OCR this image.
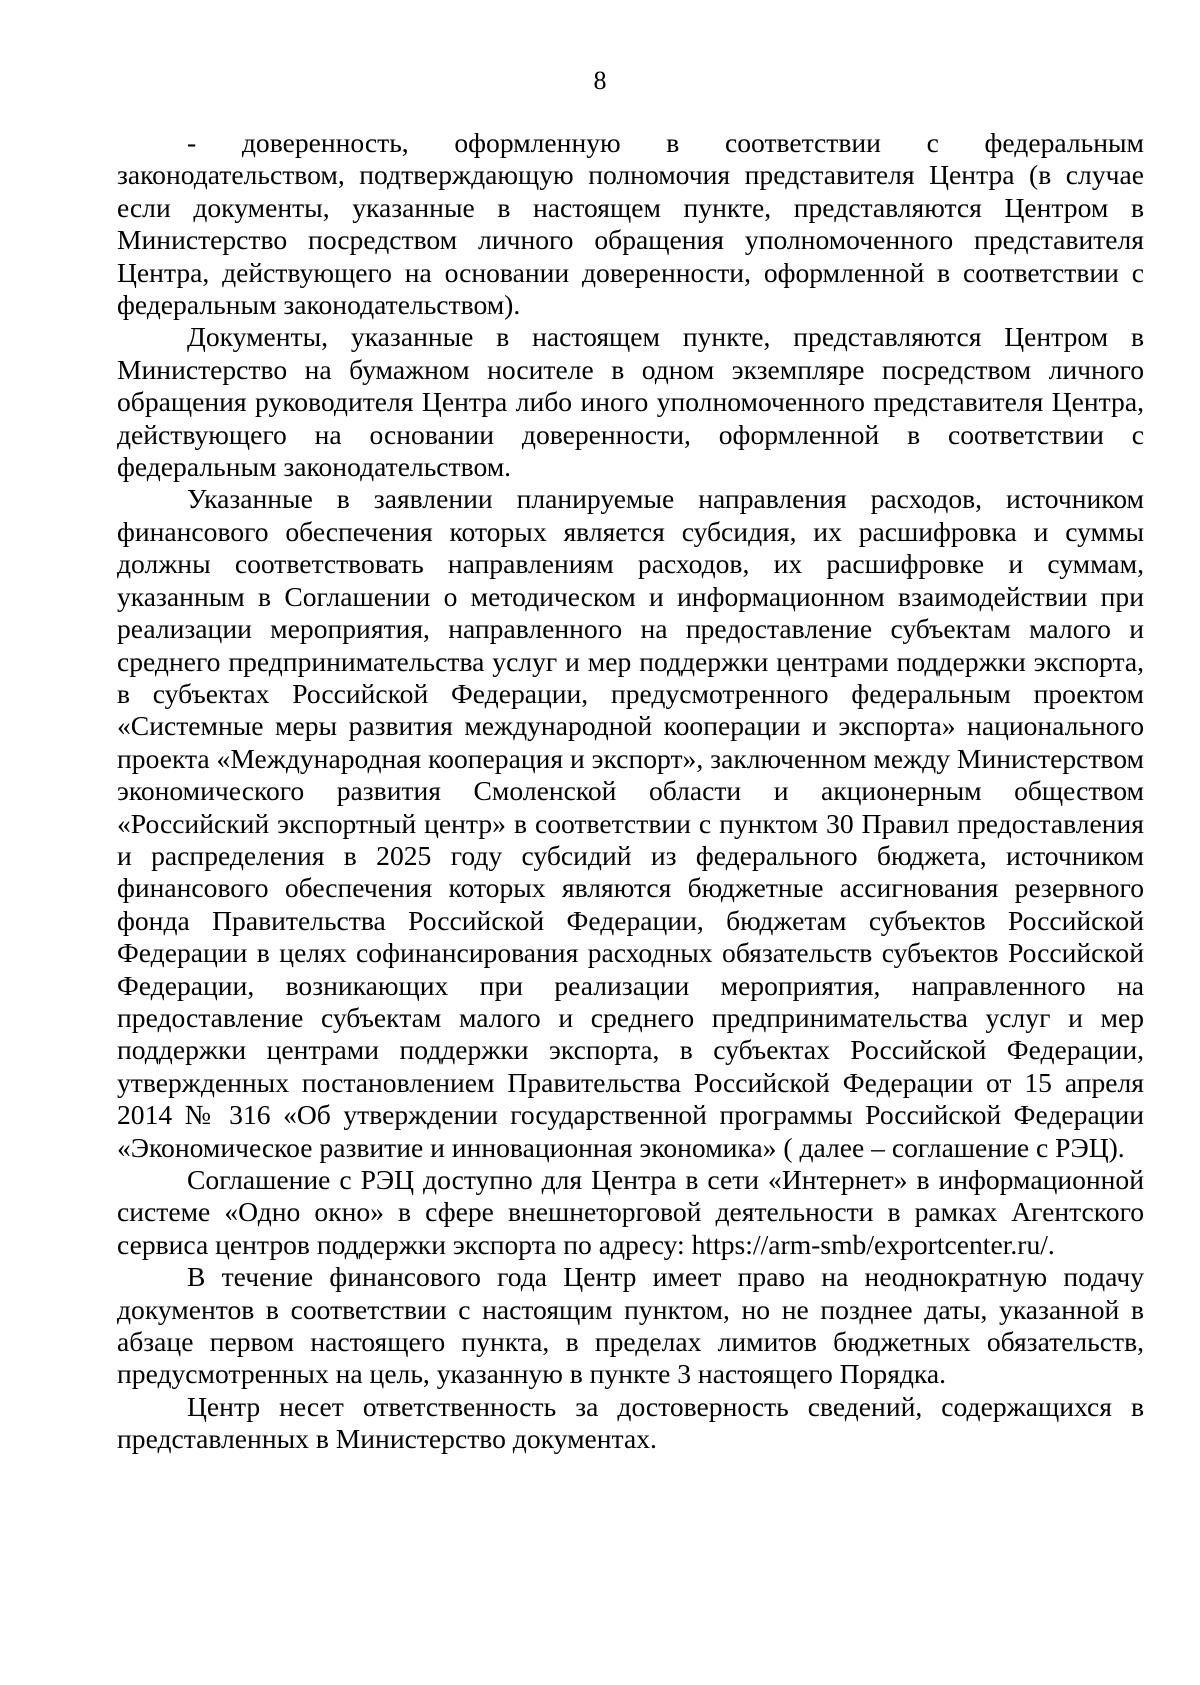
8

- доверенность, оформленную в соответствии с федеральным законодательством, подтверждающую полномочия представителя Центра (в случае если документы, указанные в настоящем пункте, представляются Центром в Министерство посредством личного обращения уполномоченного представителя Центра, действующего на основании доверенности, оформленной в соответствии с федеральным законодательством).

Документы, указанные в настоящем пункте, представляются Центром в Министерство на бумажном носителе в одном экземпляре посредством личного обращения руководителя Центра либо иного уполномоченного представителя Центра, действующего на основании доверенности, оформленной в соответствии с федеральным законодательством.

Указанные в заявлении планируемые направления расходов, источником финансового обеспечения которых является субсидия, их расшифровка и суммы должны соответствовать направлениям расходов, их расшифровке и суммам, указанным в Соглашении о методическом и информационном взаимодействии при реализации мероприятия, направленного на предоставление субъектам малого и среднего предпринимательства услуг и мер поддержки центрами поддержки экспорта, в субъектах Российской Федерации, предусмотренного федеральным проектом «Системные меры развития международной кооперации и экспорта» национального проекта «Международная кооперация и экспорт», заключенном между Министерством экономического развития Смоленской области и акционерным обществом «Российский экспортный центр» в соответствии с пунктом 30 Правил предоставления и распределения в 2025 году субсидий из федерального бюджета, источником финансового обеспечения которых являются бюджетные ассигнования резервного фонда Правительства Российской Федерации, бюджетам субъектов Российской Федерации в целях софинансирования расходных обязательств субъектов Российской Федерации, возникающих при реализации мероприятия, направленного на предоставление субъектам малого и среднего предпринимательства услуг и мер поддержки центрами поддержки экспорта, в субъектах Российской Федерации, утвержденных постановлением Правительства Российской Федерации от 15 апреля 2014 № 316 «Об утверждении государственной программы Российской Федерации «Экономическое развитие и инновационная экономика» ( далее – соглашение с РЭЦ).

Соглашение с РЭЦ доступно для Центра в сети «Интернет» в информационной системе «Одно окно» в сфере внешнеторговой деятельности в рамках Агентского сервиса центров поддержки экспорта по адресу: https://arm-smb/exportcenter.ru/.

В течение финансового года Центр имеет право на неоднократную подачу документов в соответствии с настоящим пунктом, но не позднее даты, указанной в абзаце первом настоящего пункта, в пределах лимитов бюджетных обязательств, предусмотренных на цель, указанную в пункте 3 настоящего Порядка.

Центр несет ответственность за достоверность сведений, содержащихся в представленных в Министерство документах.
